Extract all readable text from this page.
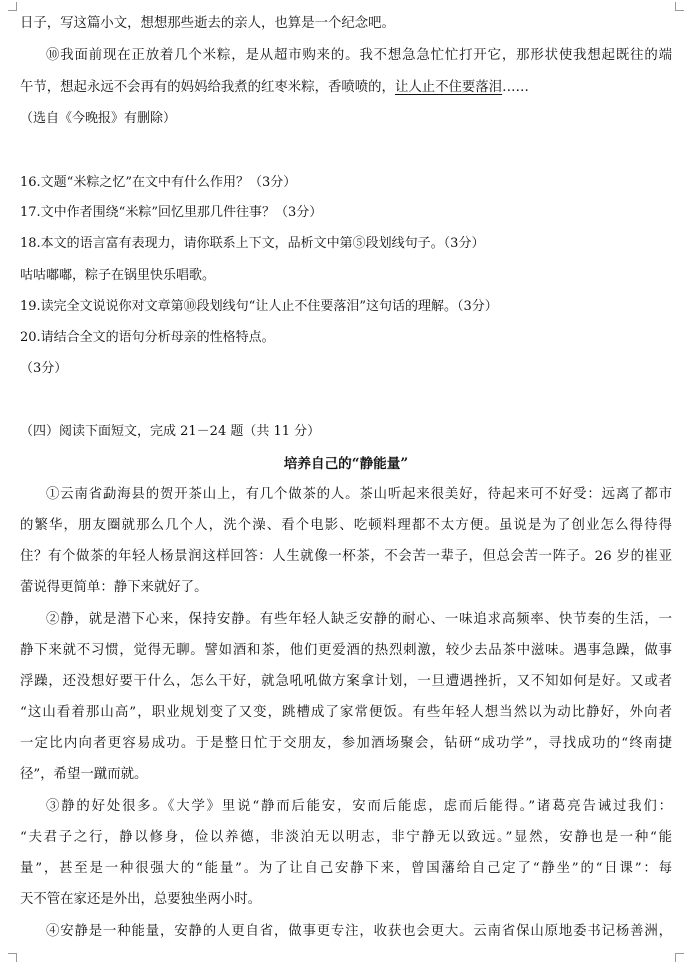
日子，写这篇小文，想想那些逝去的亲人，也算是一个纪念吧。
⑩我面前现在正放着几个米粽，是从超市购来的。我不想急急忙忙打开它，那形状使我想起既往的端
午节，想起永远不会再有的妈妈给我煮的红枣米粽，香喷喷的，让人止不住要落泪……
（选自《今晚报》有删除）
16.文题“米粽之忆”在文中有什么作用？（3分）
17.文中作者围绕“米粽”回忆里那几件往事？（3分）
18.本文的语言富有表现力，请你联系上下文，品析文中第⑤段划线句子。（3分）
咕咕嘟嘟，粽子在锅里快乐唱歌。
19.读完全文说说你对文章第⑩段划线句“让人止不住要落泪”这句话的理解。（3分）
20.请结合全文的语句分析母亲的性格特点。
（3分）
（四）阅读下面短文，完成 21－24 题（共 11 分）
培养自己的“静能量”
①云南省勐海县的贺开茶山上，有几个做茶的人。茶山听起来很美好，待起来可不好受：远离了都市
的繁华，朋友圈就那么几个人，洗个澡、看个电影、吃顿料理都不太方便。虽说是为了创业怎么得待得
住？有个做茶的年轻人杨景润这样回答：人生就像一杯茶，不会苦一辈子，但总会苦一阵子。26 岁的崔亚
蕾说得更简单：静下来就好了。
②静，就是潜下心来，保持安静。有些年轻人缺乏安静的耐心、一味追求高频率、快节奏的生活，一
静下来就不习惯，觉得无聊。譬如酒和茶，他们更爱酒的热烈刺激，较少去品茶中滋味。遇事急躁，做事
浮躁，还没想好要干什么，怎么干好，就急吼吼做方案拿计划，一旦遭遇挫折，又不知如何是好。又或者
“这山看着那山高”，职业规划变了又变，跳槽成了家常便饭。有些年轻人想当然以为动比静好，外向者
一定比内向者更容易成功。于是整日忙于交朋友，参加酒场聚会，钻研“成功学”，寻找成功的“终南捷
径”，希望一蹴而就。
③静的好处很多。《大学》里说“静而后能安，安而后能虑，虑而后能得。”诸葛亮告诫过我们：
“夫君子之行，静以修身，俭以养德，非淡泊无以明志，非宁静无以致远。”显然，安静也是一种“能
量”，甚至是一种很强大的“能量”。为了让自己安静下来，曾国藩给自己定了“静坐”的“日课”：每
天不管在家还是外出，总要独坐两小时。
④安静是一种能量，安静的人更自省，做事更专注，收获也会更大。云南省保山原地委书记杨善洲，
